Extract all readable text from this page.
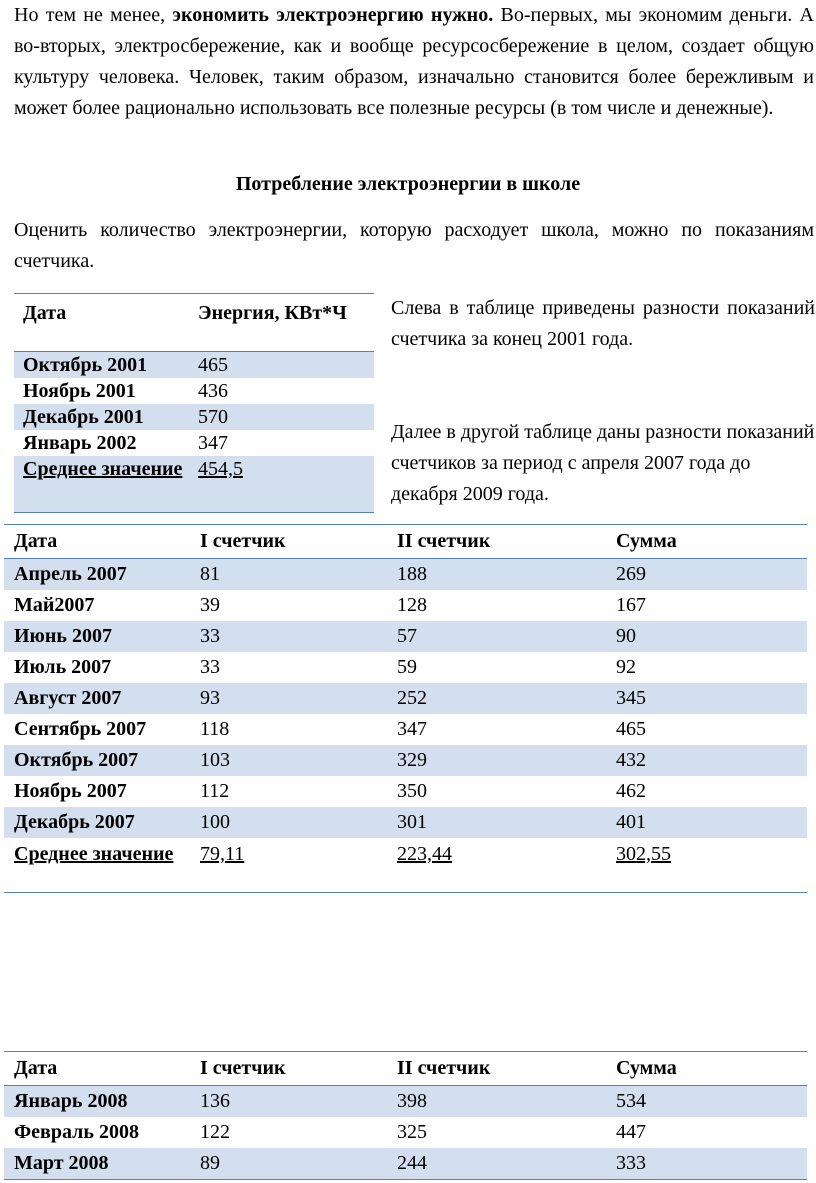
Но тем не менее, экономить электроэнергию нужно. Во-первых, мы экономим деньги. А во-вторых, электросбережение, как и вообще ресурсосбережение в целом, создает общую культуру человека. Человек, таким образом, изначально становится более бережливым и может более рационально использовать все полезные ресурсы (в том числе и денежные).
Потребление электроэнергии в школе
Оценить количество электроэнергии, которую расходует школа, можно по показаниям счетчика.
Дата	Энергия, КВт*Ч
Октябрь 2001	465
Ноябрь 2001	436
Декабрь 2001	570
Январь 2002	347
Среднее значение 454,5
Слева в таблице приведены разности показаний счетчика за конец 2001 года.
Далее в другой таблице даны разности показаний счетчиков за период с апреля 2007 года до декабря 2009 года.
Дата	I счетчик	II счетчик	Сумма
Апрель 2007	81	188	269
Май2007	39	128	167
Июнь 2007	33	57	90
Июль 2007	33	59	92
Август 2007	93	252	345
Сентябрь 2007	118	347	465
Октябрь 2007	103	329	432
Ноябрь 2007	112	350	462
Декабрь 2007	100	301	401
Среднее значение	79,11	223,44	302,55
Дата	I счетчик	II счетчик	Сумма
Январь 2008	136	398	534
Февраль 2008	122	325	447
Март 2008	89	244	333
